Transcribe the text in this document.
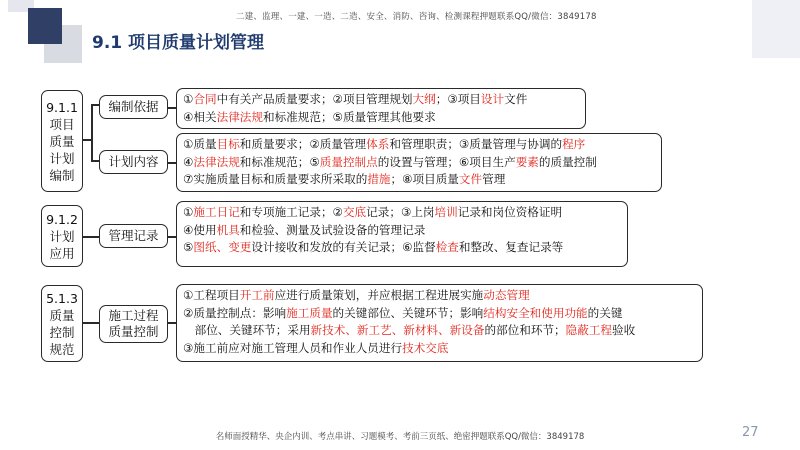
二建、监理、一建、一造、二造、安全、消防、咨询、检测课程押题联系QQ/微信：3849178
9.1 项目质量计划管理
9.1.1
项目
质量
计划
编制
编制依据 ①合同中有关产品质量要求；②项目管理规划大纲；③项目设计文件
④相关法律法规和标准规范；⑤质量管理其他要求
计划内容
①质量目标和质量要求；②质量管理体系和管理职责；③质量管理与协调的程序
④法律法规和标准规范；⑤质量控制点的设置与管理；⑥项目生产要素的质量控制
⑦实施质量目标和质量要求所采取的措施；⑧项目质量文件管理
9.1.2
计划
应用
管理记录
①施工日记和专项施工记录；②交底记录；③上岗培训记录和岗位资格证明
④使用机具和检验、测量及试验设备的管理记录
⑤图纸、变更设计接收和发放的有关记录；⑥监督检查和整改、复查记录等
5.1.3
质量
控制
规范
施工过程
质量控制
①工程项目开工前应进行质量策划，并应根据工程进展实施动态管理
②质量控制点：影响施工质量的关键部位、关键环节；影响结构安全和使用功能的关键
　部位、关键环节；采用新技术、新工艺、新材料、新设备的部位和环节；隐蔽工程验收
③施工前应对施工管理人员和作业人员进行技术交底
名师面授精华、央企内训、考点串讲、习题模考、考前三页纸、绝密押题联系QQ/微信：3849178	27
